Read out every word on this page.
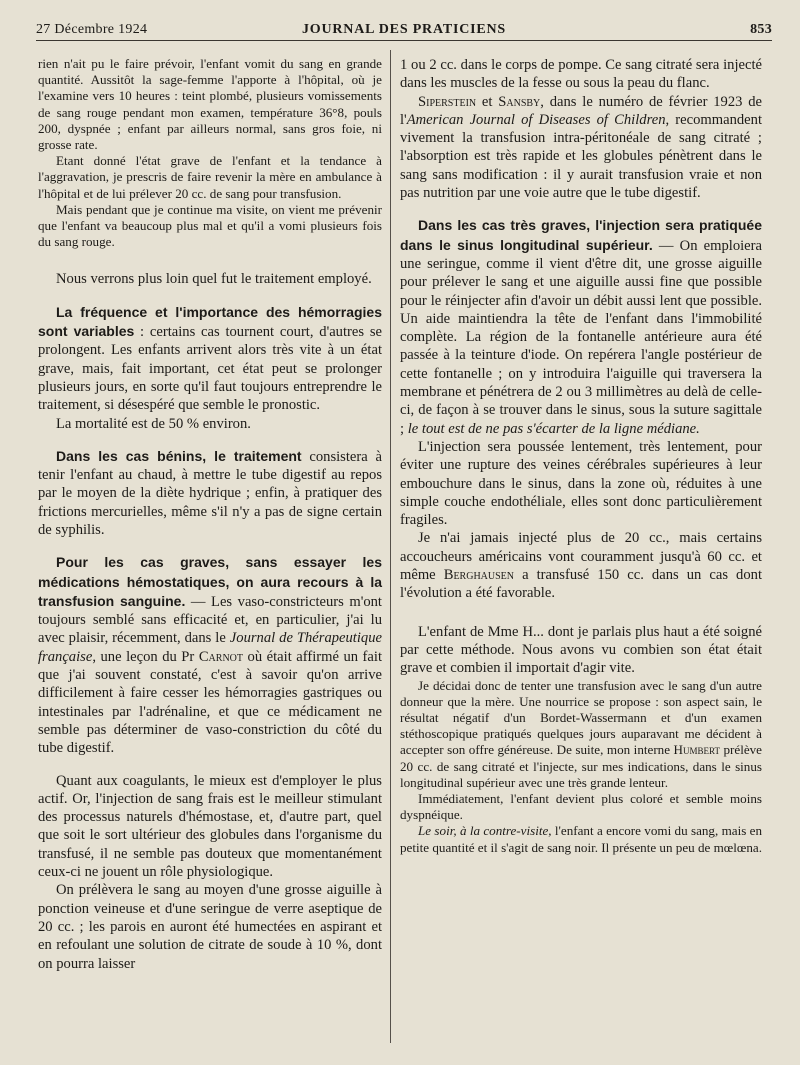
27 Décembre 1924	JOURNAL DES PRATICIENS	853

rien n'ait pu le faire prévoir, l'enfant vomit du sang en grande quantité. Aussitôt la sage-femme l'apporte à l'hôpital, où je l'examine vers 10 heures : teint plombé, plusieurs vomissements de sang rouge pendant mon examen, température 36°8, pouls 200, dyspnée ; enfant par ailleurs normal, sans gros foie, ni grosse rate.

Etant donné l'état grave de l'enfant et la tendance à l'aggravation, je prescris de faire revenir la mère en ambulance à l'hôpital et de lui prélever 20 cc. de sang pour transfusion.

Mais pendant que je continue ma visite, on vient me prévenir que l'enfant va beaucoup plus mal et qu'il a vomi plusieurs fois du sang rouge.

Nous verrons plus loin quel fut le traitement employé.

La fréquence et l'importance des hémorragies sont variables : certains cas tournent court, d'autres se prolongent. Les enfants arrivent alors très vite à un état grave, mais, fait important, cet état peut se prolonger plusieurs jours, en sorte qu'il faut toujours entreprendre le traitement, si désespéré que semble le pronostic.

La mortalité est de 50 % environ.

Dans les cas bénins, le traitement consistera à tenir l'enfant au chaud, à mettre le tube digestif au repos par le moyen de la diète hydrique ; enfin, à pratiquer des frictions mercurielles, même s'il n'y a pas de signe certain de syphilis.

Pour les cas graves, sans essayer les médications hémostatiques, on aura recours à la transfusion sanguine. — Les vaso-constricteurs m'ont toujours semblé sans efficacité et, en particulier, j'ai lu avec plaisir, récemment, dans le Journal de Thérapeutique française, une leçon du Pr Carnot où était affirmé un fait que j'ai souvent constaté, c'est à savoir qu'on arrive difficilement à faire cesser les hémorragies gastriques ou intestinales par l'adrénaline, et que ce médicament ne semble pas déterminer de vaso-constriction du côté du tube digestif.

Quant aux coagulants, le mieux est d'employer le plus actif. Or, l'injection de sang frais est le meilleur stimulant des processus naturels d'hémostase, et, d'autre part, quel que soit le sort ultérieur des globules dans l'organisme du transfusé, il ne semble pas douteux que momentanément ceux-ci ne jouent un rôle physiologique.

On prélèvera le sang au moyen d'une grosse aiguille à ponction veineuse et d'une seringue de verre aseptique de 20 cc. ; les parois en auront été humectées en aspirant et en refoulant une solution de citrate de soude à 10 %, dont on pourra laisser

1 ou 2 cc. dans le corps de pompe. Ce sang citraté sera injecté dans les muscles de la fesse ou sous la peau du flanc.

Siperstein et Sansby, dans le numéro de février 1923 de l'American Journal of Diseases of Children, recommandent vivement la transfusion intra-péritonéale de sang citraté ; l'absorption est très rapide et les globules pénètrent dans le sang sans modification : il y aurait transfusion vraie et non pas nutrition par une voie autre que le tube digestif.

Dans les cas très graves, l'injection sera pratiquée dans le sinus longitudinal supérieur. — On emploiera une seringue, comme il vient d'être dit, une grosse aiguille pour prélever le sang et une aiguille aussi fine que possible pour le réinjecter afin d'avoir un débit aussi lent que possible. Un aide maintiendra la tête de l'enfant dans l'immobilité complète. La région de la fontanelle antérieure aura été passée à la teinture d'iode. On repérera l'angle postérieur de cette fontanelle ; on y introduira l'aiguille qui traversera la membrane et pénétrera de 2 ou 3 millimètres au delà de celle-ci, de façon à se trouver dans le sinus, sous la suture sagittale ; le tout est de ne pas s'écarter de la ligne médiane.

L'injection sera poussée lentement, très lentement, pour éviter une rupture des veines cérébrales supérieures à leur embouchure dans le sinus, dans la zone où, réduites à une simple couche endothéliale, elles sont donc particulièrement fragiles.

Je n'ai jamais injecté plus de 20 cc., mais certains accoucheurs américains vont couramment jusqu'à 60 cc. et même Berghausen a transfusé 150 cc. dans un cas dont l'évolution a été favorable.

L'enfant de Mme H... dont je parlais plus haut a été soigné par cette méthode. Nous avons vu combien son état était grave et combien il importait d'agir vite.

Je décidai donc de tenter une transfusion avec le sang d'un autre donneur que la mère. Une nourrice se propose : son aspect sain, le résultat négatif d'un Bordet-Wassermann et d'un examen stéthoscopique pratiqués quelques jours auparavant me décident à accepter son offre généreuse. De suite, mon interne Humbert prélève 20 cc. de sang citraté et l'injecte, sur mes indications, dans le sinus longitudinal supérieur avec une très grande lenteur.

Immédiatement, l'enfant devient plus coloré et semble moins dyspnéique.

Le soir, à la contre-visite, l'enfant a encore vomi du sang, mais en petite quantité et il s'agit de sang noir. Il présente un peu de mœlœna.
